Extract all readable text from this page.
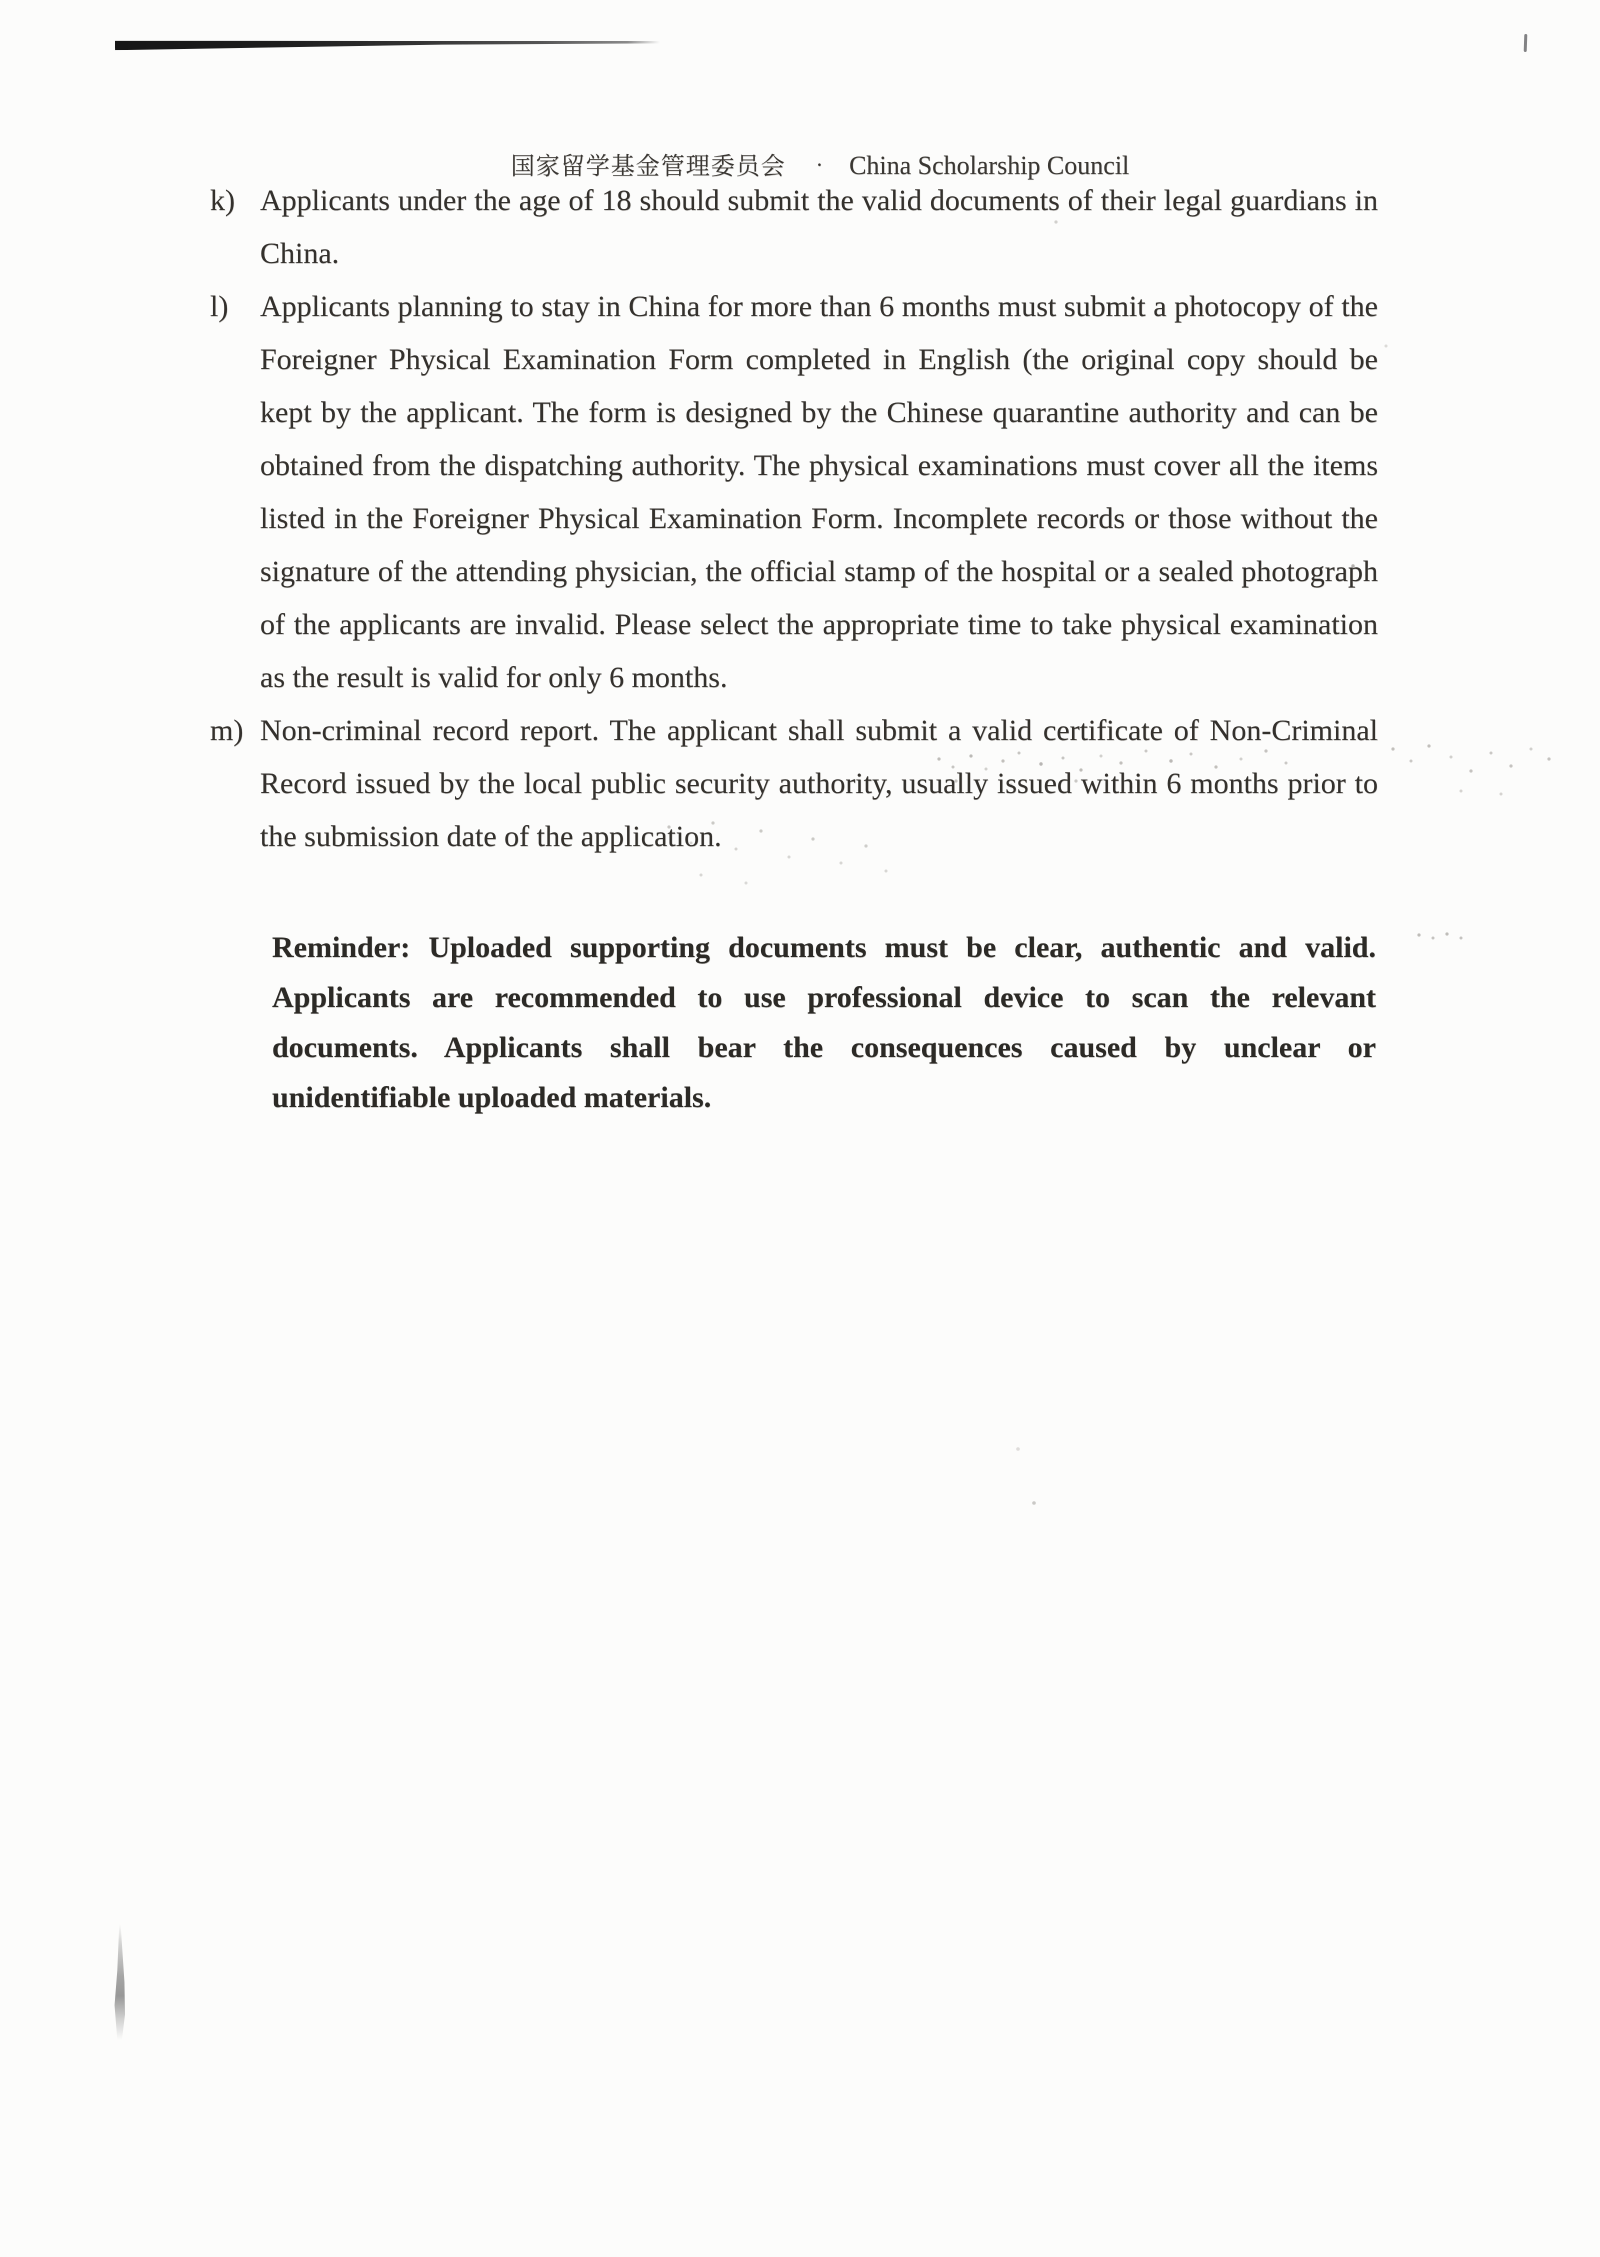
国家留学基金管理委员会 · China Scholarship Council
k) Applicants under the age of 18 should submit the valid documents of their legal guardians in China.
l)	Applicants planning to stay in China for more than 6 months must submit a photocopy of the Foreigner Physical Examination Form completed in English (the original copy should be kept by the applicant. The form is designed by the Chinese quarantine authority and can be obtained from the dispatching authority. The physical examinations must cover all the items listed in the Foreigner Physical Examination Form. Incomplete records or those without the signature of the attending physician, the official stamp of the hospital or a sealed photograph of the applicants are invalid. Please select the appropriate time to take physical examination as the result is valid for only 6 months.
m) Non-criminal record report. The applicant shall submit a valid certificate of Non-Criminal Record issued by the local public security authority, usually issued within 6 months prior to the submission date of the application.
Reminder: Uploaded supporting documents must be clear, authentic and valid. Applicants are recommended to use professional device to scan the relevant documents. Applicants shall bear the consequences caused by unclear or unidentifiable uploaded materials.
